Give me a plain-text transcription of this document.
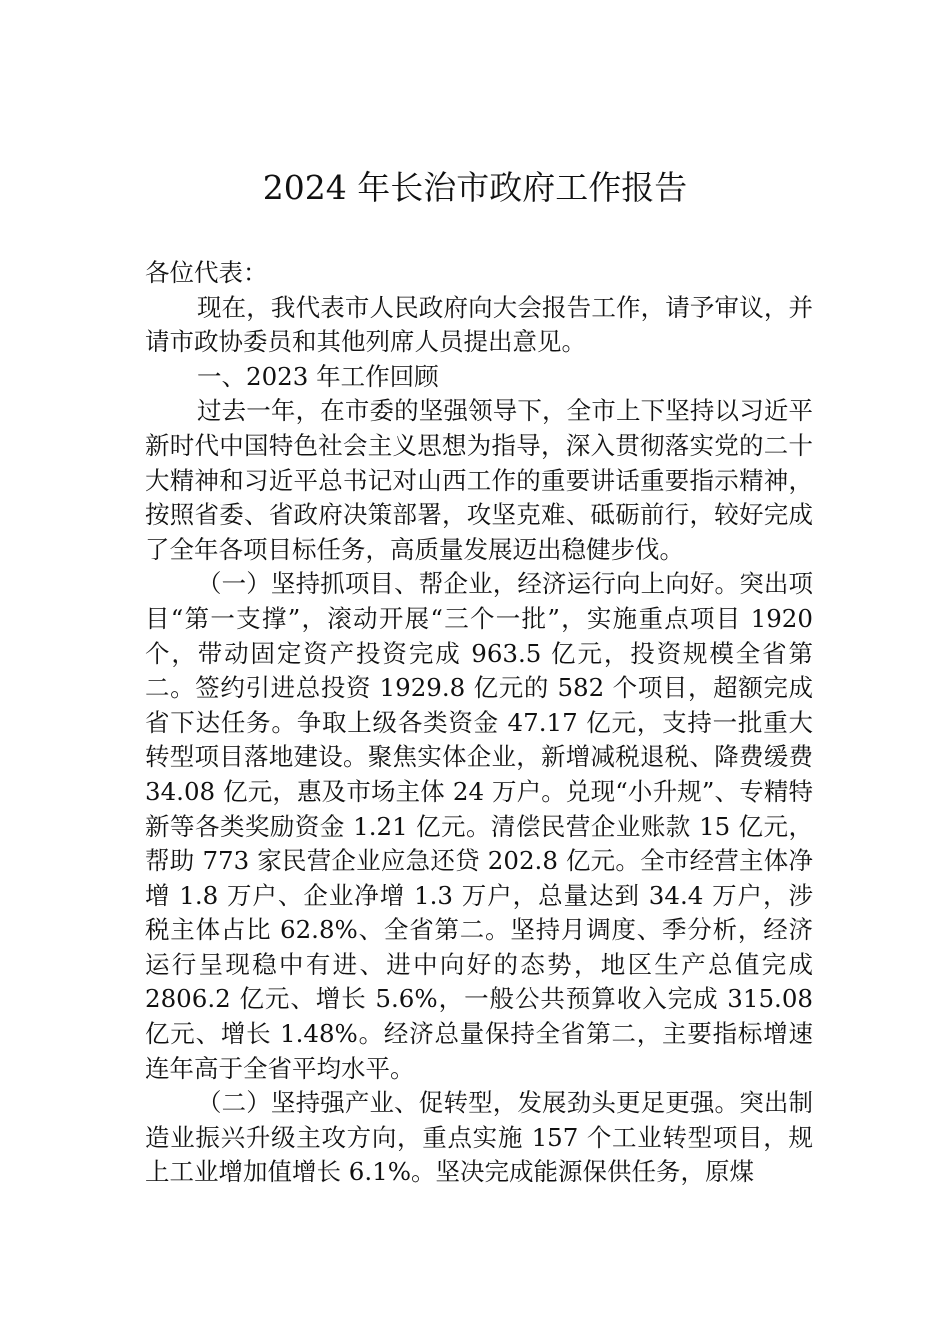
2024 年长治市政府工作报告

各位代表：

现在，我代表市人民政府向大会报告工作，请予审议，并请市政协委员和其他列席人员提出意见。

一、2023 年工作回顾

过去一年，在市委的坚强领导下，全市上下坚持以习近平新时代中国特色社会主义思想为指导，深入贯彻落实党的二十大精神和习近平总书记对山西工作的重要讲话重要指示精神，按照省委、省政府决策部署，攻坚克难、砥砺前行，较好完成了全年各项目标任务，高质量发展迈出稳健步伐。

（一）坚持抓项目、帮企业，经济运行向上向好。突出项目“第一支撑”，滚动开展“三个一批”，实施重点项目 1920 个，带动固定资产投资完成 963.5 亿元，投资规模全省第二。签约引进总投资 1929.8 亿元的 582 个项目，超额完成省下达任务。争取上级各类资金 47.17 亿元，支持一批重大转型项目落地建设。聚焦实体企业，新增减税退税、降费缓费 34.08 亿元，惠及市场主体 24 万户。兑现“小升规”、专精特新等各类奖励资金 1.21 亿元。清偿民营企业账款 15 亿元，帮助 773 家民营企业应急还贷 202.8 亿元。全市经营主体净增 1.8 万户、企业净增 1.3 万户，总量达到 34.4 万户，涉税主体占比 62.8%、全省第二。坚持月调度、季分析，经济运行呈现稳中有进、进中向好的态势，地区生产总值完成 2806.2 亿元、增长 5.6%，一般公共预算收入完成 315.08 亿元、增长 1.48%。经济总量保持全省第二，主要指标增速连年高于全省平均水平。

（二）坚持强产业、促转型，发展劲头更足更强。突出制造业振兴升级主攻方向，重点实施 157 个工业转型项目，规上工业增加值增长 6.1%。坚决完成能源保供任务，原煤
